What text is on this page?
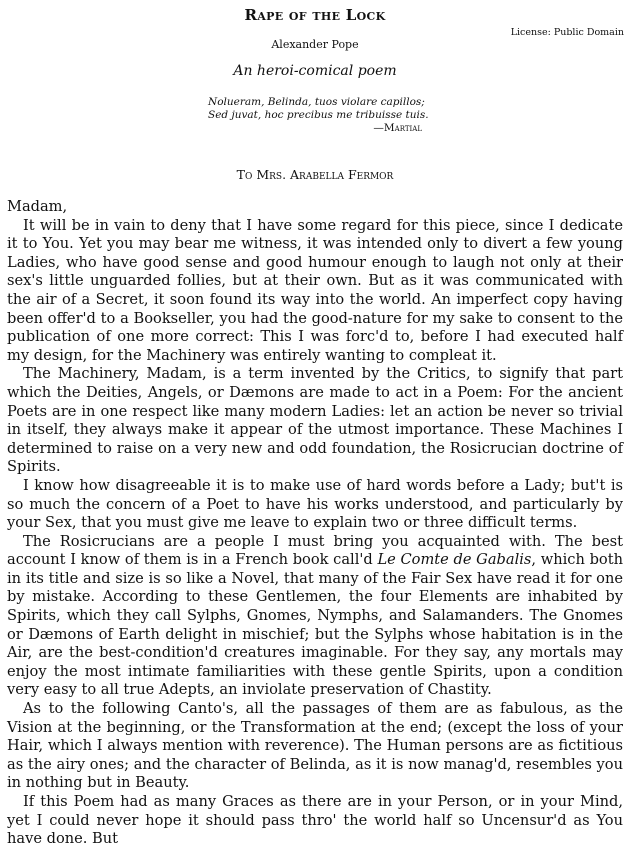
Rape of the Lock
License: Public Domain
Alexander Pope
An heroi-comical poem
Nolueram, Belinda, tuos violare capillos;
Sed juvat, hoc precibus me tribuisse tuis.
—Martial
To Mrs. Arabella Fermor

Madam,

It will be in vain to deny that I have some regard for this piece, since I dedicate it to You. Yet you may bear me witness, it was intended only to divert a few young Ladies, who have good sense and good humour enough to laugh not only at their sex's little unguarded follies, but at their own. But as it was communicated with the air of a Secret, it soon found its way into the world. An imperfect copy having been offer'd to a Bookseller, you had the good-nature for my sake to consent to the publication of one more correct: This I was forc'd to, before I had executed half my design, for the Machinery was entirely wanting to compleat it.

The Machinery, Madam, is a term invented by the Critics, to signify that part which the Deities, Angels, or Dæmons are made to act in a Poem: For the ancient Poets are in one respect like many modern Ladies: let an action be never so trivial in itself, they always make it appear of the utmost importance. These Machines I determined to raise on a very new and odd foundation, the Rosicrucian doctrine of Spirits.

I know how disagreeable it is to make use of hard words before a Lady; but't is so much the concern of a Poet to have his works understood, and particularly by your Sex, that you must give me leave to explain two or three difficult terms.

The Rosicrucians are a people I must bring you acquainted with. The best account I know of them is in a French book call'd Le Comte de Gabalis, which both in its title and size is so like a Novel, that many of the Fair Sex have read it for one by mistake. According to these Gentlemen, the four Elements are inhabited by Spirits, which they call Sylphs, Gnomes, Nymphs, and Salamanders. The Gnomes or Dæmons of Earth delight in mischief; but the Sylphs whose habitation is in the Air, are the best-condition'd creatures imaginable. For they say, any mortals may enjoy the most intimate familiarities with these gentle Spirits, upon a condition very easy to all true Adepts, an inviolate preservation of Chastity.

As to the following Canto's, all the passages of them are as fabulous, as the Vision at the beginning, or the Transformation at the end; (except the loss of your Hair, which I always mention with reverence). The Human persons are as fictitious as the airy ones; and the character of Belinda, as it is now manag'd, resembles you in nothing but in Beauty.

If this Poem had as many Graces as there are in your Person, or in your Mind, yet I could never hope it should pass thro' the world half so Uncensur'd as You have done. But
